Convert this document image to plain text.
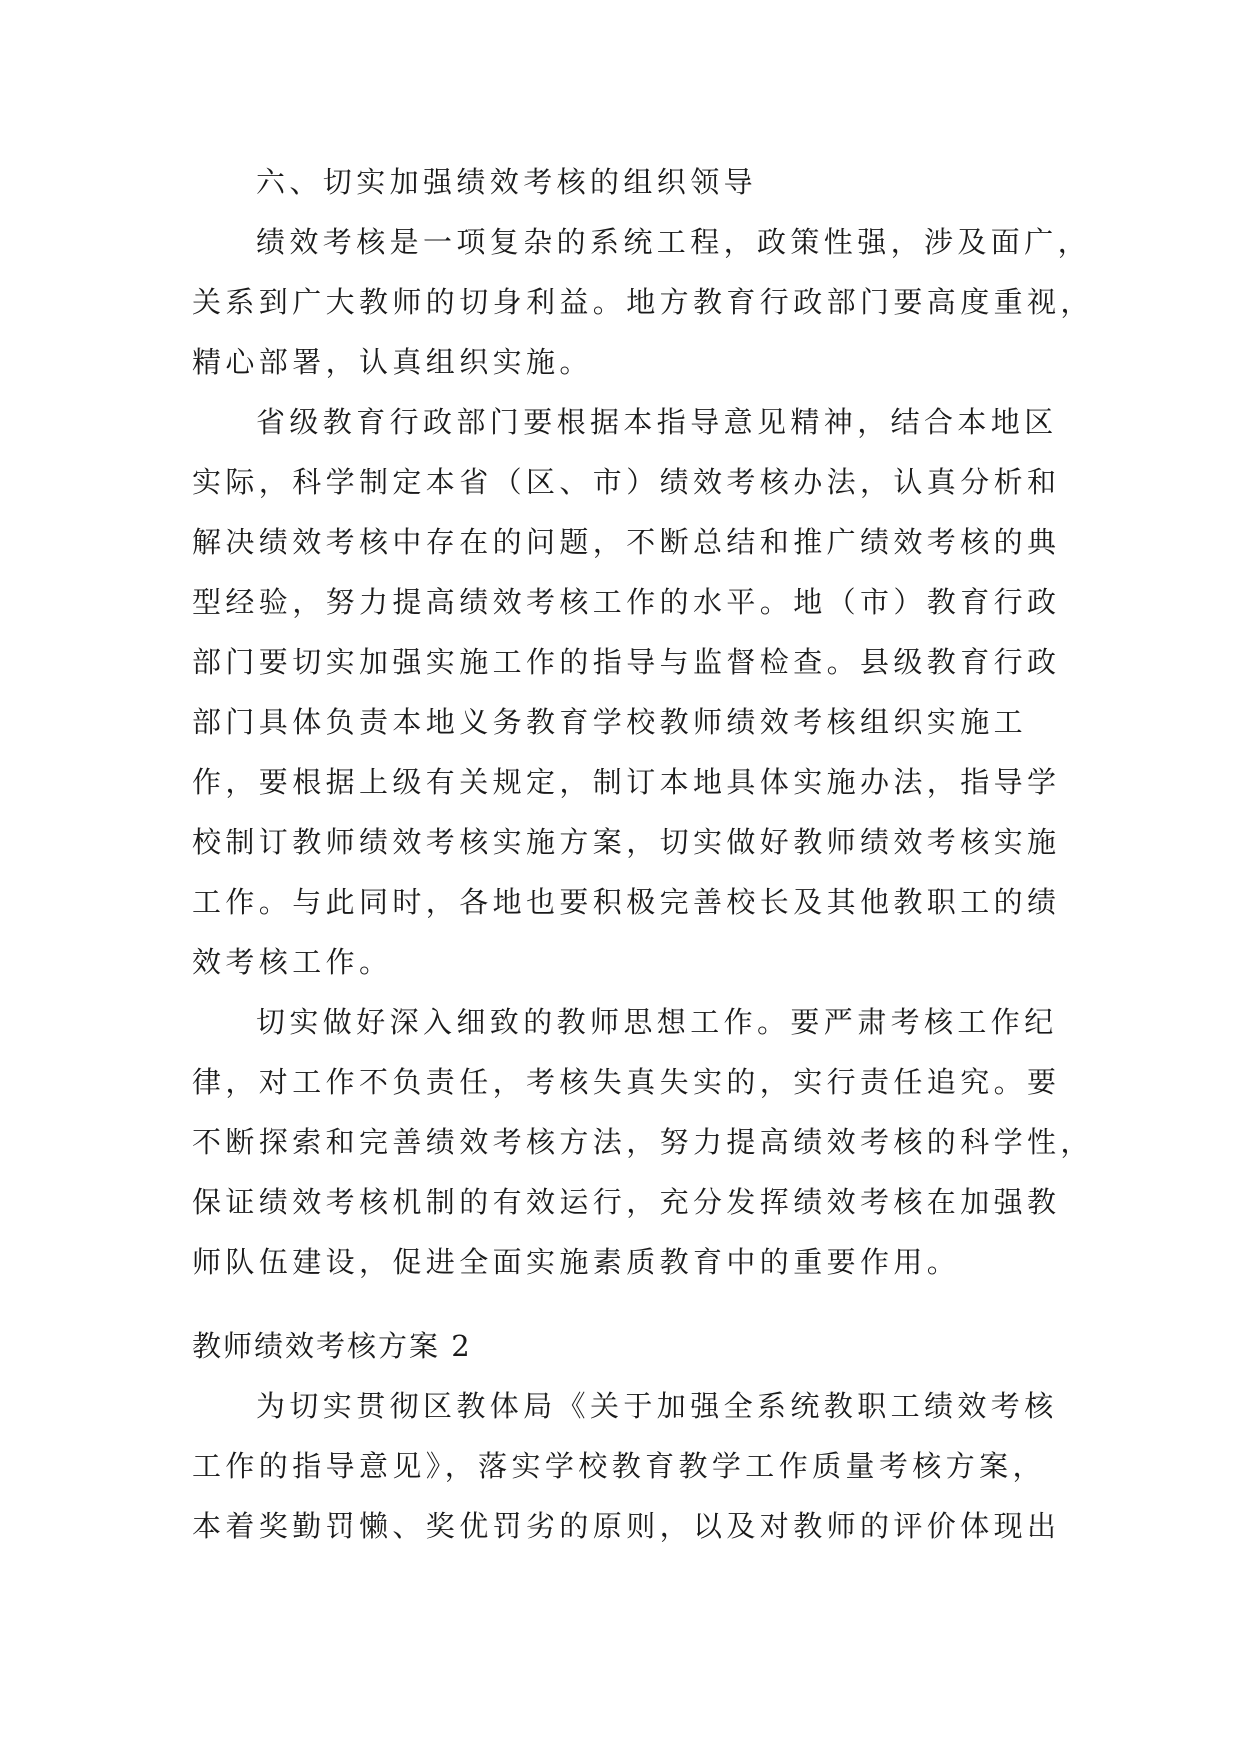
六、切实加强绩效考核的组织领导

绩效考核是一项复杂的系统工程，政策性强，涉及面广，

关系到广大教师的切身利益。地方教育行政部门要高度重视，

精心部署，认真组织实施。

省级教育行政部门要根据本指导意见精神，结合本地区

实际，科学制定本省（区、市）绩效考核办法，认真分析和

解决绩效考核中存在的问题，不断总结和推广绩效考核的典

型经验，努力提高绩效考核工作的水平。地（市）教育行政

部门要切实加强实施工作的指导与监督检查。县级教育行政

部门具体负责本地义务教育学校教师绩效考核组织实施工

作，要根据上级有关规定，制订本地具体实施办法，指导学

校制订教师绩效考核实施方案，切实做好教师绩效考核实施

工作。与此同时，各地也要积极完善校长及其他教职工的绩

效考核工作。

切实做好深入细致的教师思想工作。要严肃考核工作纪

律，对工作不负责任，考核失真失实的，实行责任追究。要

不断探索和完善绩效考核方法，努力提高绩效考核的科学性，

保证绩效考核机制的有效运行，充分发挥绩效考核在加强教

师队伍建设，促进全面实施素质教育中的重要作用。

教师绩效考核方案 2

为切实贯彻区教体局《关于加强全系统教职工绩效考核

工作的指导意见》，落实学校教育教学工作质量考核方案，

本着奖勤罚懒、奖优罚劣的原则，以及对教师的评价体现出
